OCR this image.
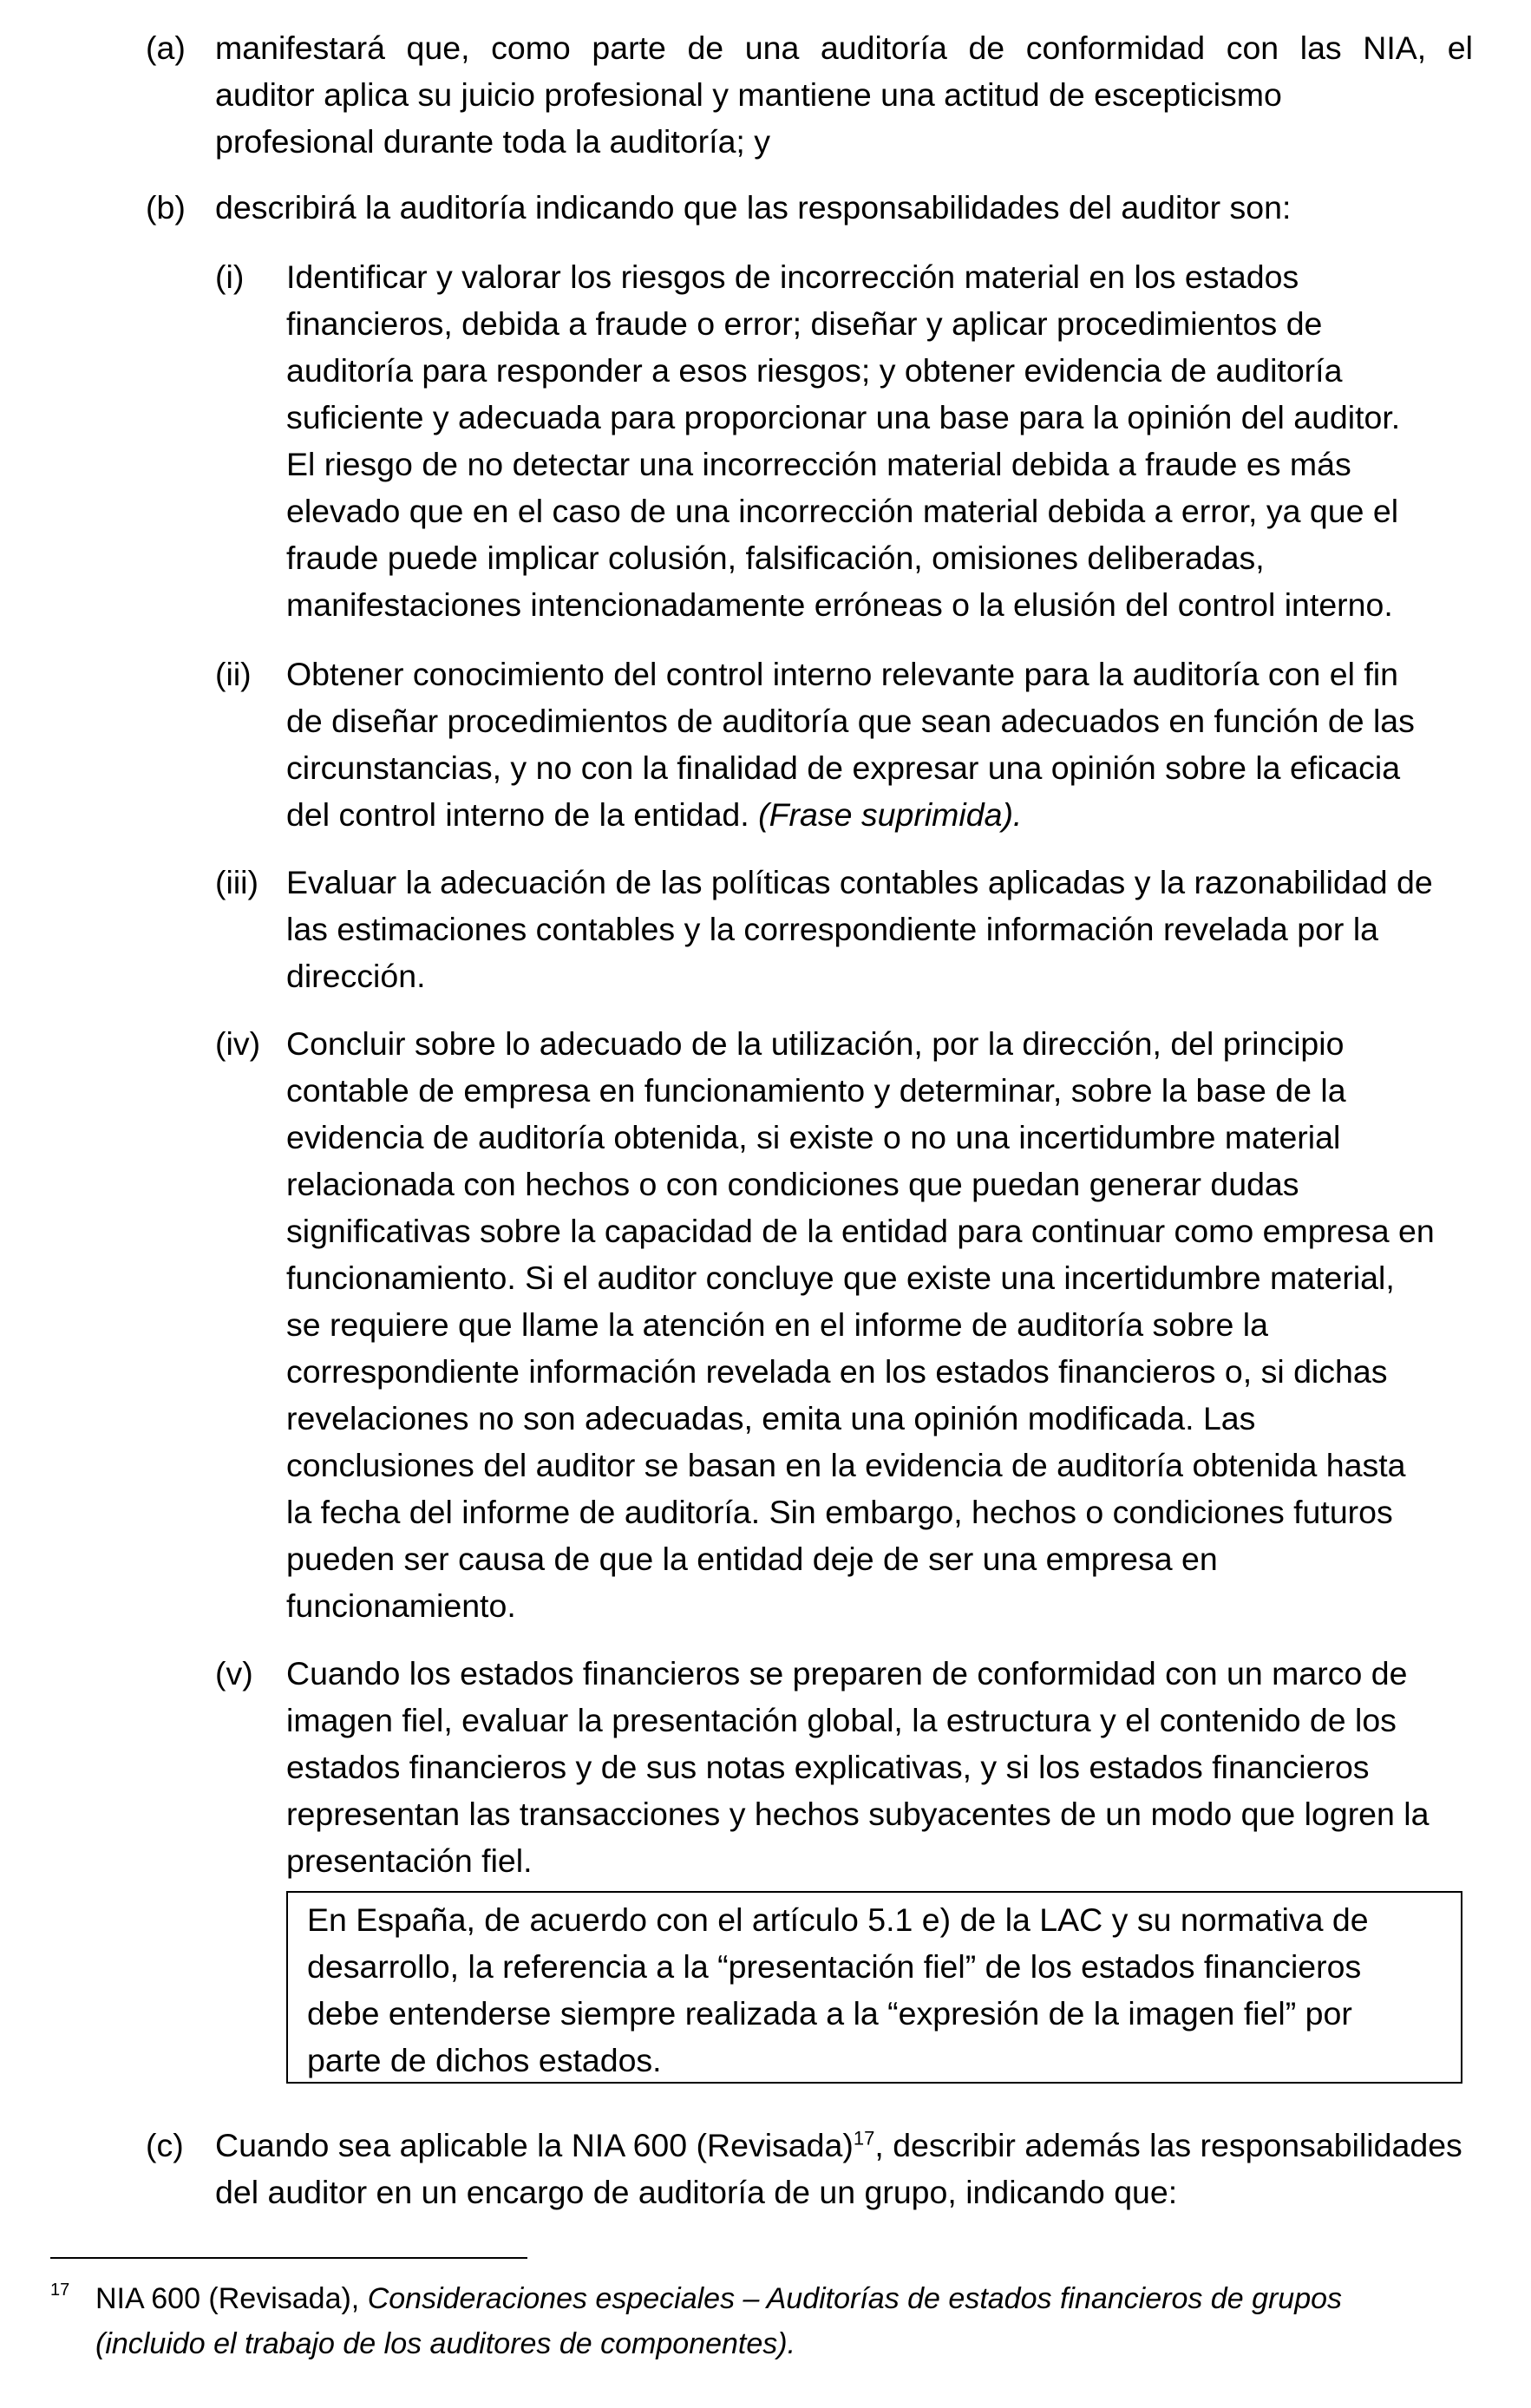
(a) manifestará que, como parte de una auditoría de conformidad con las NIA, el
auditor aplica su juicio profesional y mantiene una actitud de escepticismo
profesional durante toda la auditoría; y
(b) describirá la auditoría indicando que las responsabilidades del auditor son:
(i) Identificar y valorar los riesgos de incorrección material en los estados
financieros, debida a fraude o error; diseñar y aplicar procedimientos de
auditoría para responder a esos riesgos; y obtener evidencia de auditoría
suficiente y adecuada para proporcionar una base para la opinión del auditor.
El riesgo de no detectar una incorrección material debida a fraude es más
elevado que en el caso de una incorrección material debida a error, ya que el
fraude puede implicar colusión, falsificación, omisiones deliberadas,
manifestaciones intencionadamente erróneas o la elusión del control interno.
(ii) Obtener conocimiento del control interno relevante para la auditoría con el fin
de diseñar procedimientos de auditoría que sean adecuados en función de las
circunstancias, y no con la finalidad de expresar una opinión sobre la eficacia
del control interno de la entidad. (Frase suprimida).
(iii) Evaluar la adecuación de las políticas contables aplicadas y la razonabilidad de
las estimaciones contables y la correspondiente información revelada por la
dirección.
(iv) Concluir sobre lo adecuado de la utilización, por la dirección, del principio
contable de empresa en funcionamiento y determinar, sobre la base de la
evidencia de auditoría obtenida, si existe o no una incertidumbre material
relacionada con hechos o con condiciones que puedan generar dudas
significativas sobre la capacidad de la entidad para continuar como empresa en
funcionamiento. Si el auditor concluye que existe una incertidumbre material,
se requiere que llame la atención en el informe de auditoría sobre la
correspondiente información revelada en los estados financieros o, si dichas
revelaciones no son adecuadas, emita una opinión modificada. Las
conclusiones del auditor se basan en la evidencia de auditoría obtenida hasta
la fecha del informe de auditoría. Sin embargo, hechos o condiciones futuros
pueden ser causa de que la entidad deje de ser una empresa en
funcionamiento.
(v) Cuando los estados financieros se preparen de conformidad con un marco de
imagen fiel, evaluar la presentación global, la estructura y el contenido de los
estados financieros y de sus notas explicativas, y si los estados financieros
representan las transacciones y hechos subyacentes de un modo que logren la
presentación fiel.
En España, de acuerdo con el artículo 5.1 e) de la LAC y su normativa de
desarrollo, la referencia a la “presentación fiel” de los estados financieros
debe entenderse siempre realizada a la “expresión de la imagen fiel” por
parte de dichos estados.
(c) Cuando sea aplicable la NIA 600 (Revisada)$^{17}$, describir además las responsabilidades
del auditor en un encargo de auditoría de un grupo, indicando que:
17 NIA 600 (Revisada), Consideraciones especiales – Auditorías de estados financieros de grupos
(incluido el trabajo de los auditores de componentes).
